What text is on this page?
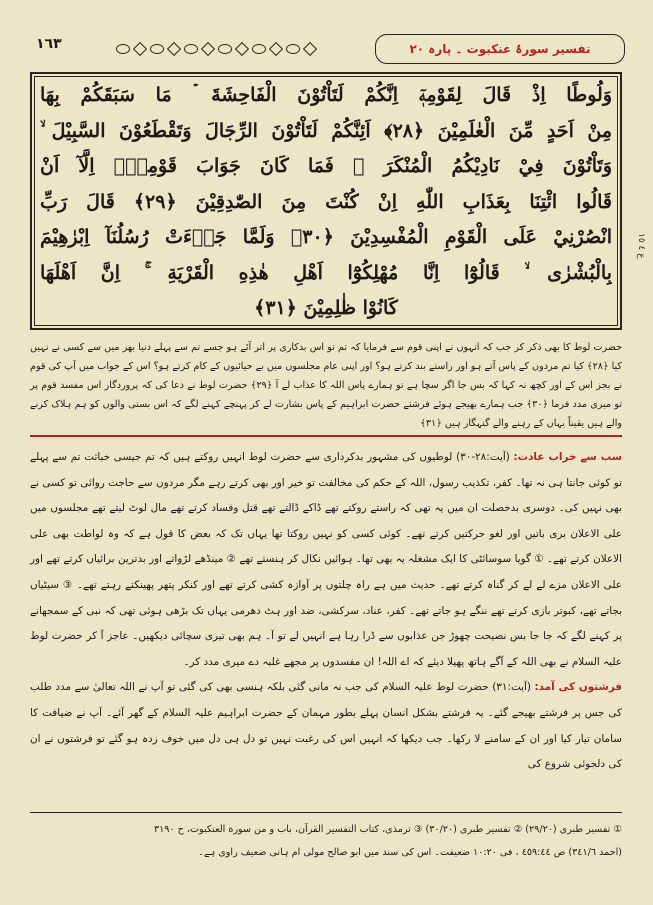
١٦٣	تفسیر سورۂ عنکبوت ۔ پارہ ٢٠
وَلُوطًا اِذْ قَالَ لِقَوْمِهٖٓ اِنَّكُمْ لَتَاْتُوْنَ الْفَاحِشَةَ ۡ مَا سَبَقَكُمْ بِهَا
مِنْ اَحَدٍ مِّنَ الْعٰلَمِيْنَ ﴿٢٨﴾ اَئِنَّكُمْ لَتَاْتُوْنَ الرِّجَالَ وَتَقْطَعُوْنَ السَّبِيْلَ ۙ
وَتَاْتُوْنَ فِيْ نَادِيْكُمُ الْمُنْكَرَ ۭ فَمَا كَانَ جَوَابَ قَوْمِهٖٓ اِلَّآ اَنْ
قَالُوا ائْتِنَا بِعَذَابِ اللّٰهِ اِنْ كُنْتَ مِنَ الصّٰدِقِيْنَ ﴿٢٩﴾ قَالَ رَبِّ
انْصُرْنِيْ عَلَى الْقَوْمِ الْمُفْسِدِيْنَ ﴿٣٠﴾ وَلَمَّا جَاۗءَتْ رُسُلُنَآ اِبْرٰهِيْمَ
بِالْبُشْرٰى ۙ قَالُوْٓا اِنَّا مُهْلِكُوْٓا اَهْلِ هٰذِهِ الْقَرْيَةِ ۚ اِنَّ اَهْلَهَا
كَانُوْا ظٰلِمِيْنَ ﴿٣١﴾
ع ٤ ١٥
حضرت لوط کا بھی ذکر کر جب کہ انہوں نے اپنی قوم سے فرمایا کہ تم تو اس بدکاری پر اتر آئے ہو جسے تم سے پہلے دنیا بھر میں سے کسی نے نہیں کیا ﴿٢٨﴾ کیا تم مردوں کے پاس آتے ہو اور راستے بند کرتے ہو؟ اور اپنی عام مجلسوں میں بے حیائیوں کے کام کرتے ہو؟ اس کے جواب میں آپ کی قوم نے بجز اس کے اور کچھ نہ کہا کہ بس جا اگر سچا ہے تو ہمارے پاس اللہ کا عذاب لے آ ﴿٢٩﴾ حضرت لوط نے دعا کی کہ پروردگار اس مفسد قوم پر تو میری مدد فرما ﴿٣٠﴾ جب ہمارے بھیجے ہوئے فرشتے حضرت ابراہیم کے پاس بشارت لے کر پہنچے کہنے لگے کہ اس بستی والوں کو ہم ہلاک کرنے والے ہیں یقیناً یہاں کے رہنے والے گنہگار ہیں ﴿٣١﴾
سب سے خراب عادت: (آیت:٢٨-٣٠) لوطیوں کی مشہور بدکرداری سے حضرت لوط انہیں روکتے ہیں کہ تم جیسی خباثت تم سے پہلے تو کوئی جانتا ہی نہ تھا۔ کفر، تکذیب رسول، اللہ کے حکم کی مخالفت تو خیر اور بھی کرتے رہے مگر مردوں سے حاجت روائی تو کسی نے بھی نہیں کی۔ دوسری بدخصلت ان میں یہ تھی کہ راستے روکتے تھے ڈاکے ڈالتے تھے قتل وفساد کرتے تھے مال لوٹ لیتے تھے مجلسوں میں علی الاعلان بری باتیں اور لغو حرکتیں کرتے تھے۔ کوئی کسی کو نہیں روکتا تھا یہاں تک کہ بعض کا قول ہے کہ وہ لواطت بھی علی الاعلان کرتے تھے۔ ① گویا سوسائٹی کا ایک مشغلہ یہ بھی تھا۔ ہوائیں نکال کر ہنستے تھے ② مینڈھے لڑواتے اور بدترین برائیاں کرتے تھے اور علی الاعلان مزے لے لے کر گناہ کرتے تھے۔ حدیث میں ہے راہ چلتوں پر آوازہ کشی کرتے تھے اور کنکر پتھر پھینکتے رہتے تھے۔ ③ سیٹیاں بجاتے تھے، کبوتر بازی کرتے تھے ننگے ہو جاتے تھے۔ کفر، عناد، سرکشی، ضد اور ہٹ دھرمی یہاں تک بڑھی ہوئی تھی کہ نبی کے سمجھانے پر کہنے لگے کہ جا جا بس نصیحت چھوڑ جن عذابوں سے ڈرا رہا ہے انہیں لے تو آ۔ ہم بھی تیری سچائی دیکھیں۔ عاجز آ کر حضرت لوط علیہ السلام نے بھی اللہ کے آگے ہاتھ پھیلا دیئے کہ اے اللہ! ان مفسدوں پر مجھے غلبہ دے میری مدد کر۔
فرشتوں کی آمد: (آیت:٣١) حضرت لوط علیہ السلام کی جب نہ مانی گئی بلکہ ہنسی بھی کی گئی تو آپ نے اللہ تعالیٰ سے مدد طلب کی جس پر فرشتے بھیجے گئے۔ یہ فرشتے بشکل انسان پہلے بطور مہمان کے حضرت ابراہیم علیہ السلام کے گھر آئے۔ آپ نے ضیافت کا سامان تیار کیا اور ان کے سامنے لا رکھا۔ جب دیکھا کہ انہیں اس کی رغبت نہیں تو دل ہی دل میں خوف زدہ ہو گئے تو فرشتوں نے ان کی دلجوئی شروع کی
① تفسیر طبری (٢٩/٢٠) ② تفسیر طبری (٣٠/٢٠) ③ ترمذی، کتاب التفسیر القرآن، باب و من سورة العنکبوت، ح ٣١٩٠
(احمد ٣٤١/٦) ص ٤٥٩:٤٤ ، فی ١٠:٢٠ ضعیفت۔ اس کی سند میں ابو صالح مولی ام ہانی ضعیف راوی ہے۔
